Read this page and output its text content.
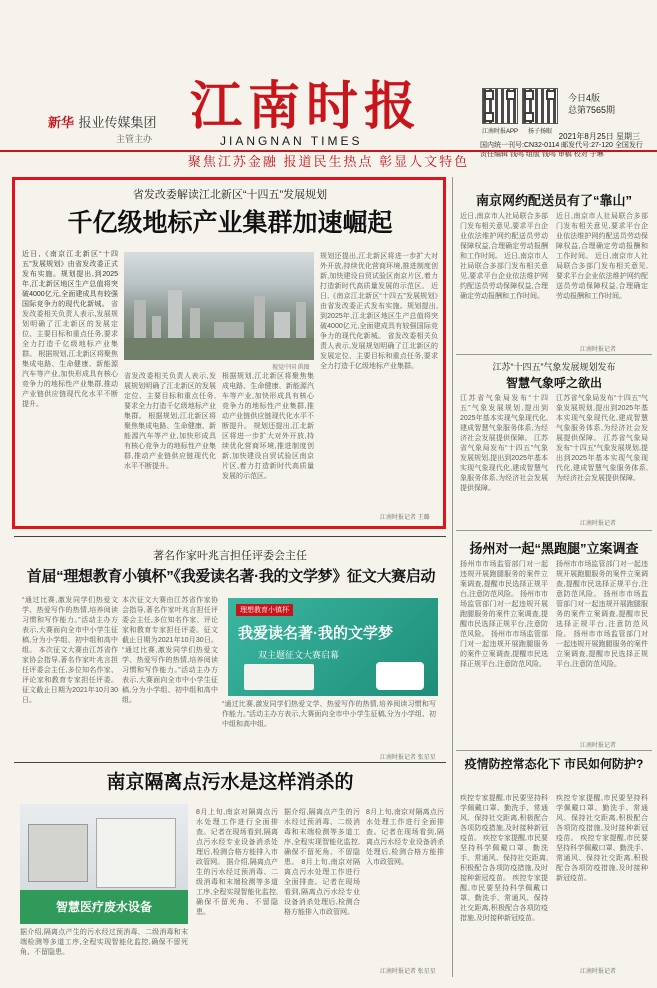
新华 报业传媒集团
主管主办
江南时报
JIANGNAN TIMES
江南时报APP	扬子扬眼
今日4版
总第7565期
2021年8月25日 星期三
国内统一刊号:CN32-0114 邮发代号:27-120 全国发行
责任编辑 钱鸣 组版 钱鸣 审稿 校对 于琳
聚焦江苏金融 报道民生热点 彰显人文特色
省发改委解读江北新区“十四五”发展规划
千亿级地标产业集群加速崛起
近日,《南京江北新区“十四五”发展规划》由省发改委正式发布实施。规划提出,到2025年,江北新区地区生产总值将突破4000亿元,全面建成具有较强国际竞争力的现代化新城。 省发改委相关负责人表示,发展规划明确了江北新区的发展定位、主要目标和重点任务,要求全力打造千亿级地标产业集群。 根据规划,江北新区将聚焦集成电路、生命健康、新能源汽车等产业,加快形成具有核心竞争力的地标性产业集群,推动产业链供应链现代化水平不断提升。
视觉中国 供图
省发改委相关负责人表示,发展规划明确了江北新区的发展定位、主要目标和重点任务,要求全力打造千亿级地标产业集群。 根据规划,江北新区将聚焦集成电路、生命健康、新能源汽车等产业,加快形成具有核心竞争力的地标性产业集群,推动产业链供应链现代化水平不断提升。
根据规划,江北新区将聚焦集成电路、生命健康、新能源汽车等产业,加快形成具有核心竞争力的地标性产业集群,推动产业链供应链现代化水平不断提升。 规划还提出,江北新区将进一步扩大对外开放,持续优化营商环境,推进制度创新,加快建设自贸试验区南京片区,着力打造新时代高质量发展的示范区。
规划还提出,江北新区将进一步扩大对外开放,持续优化营商环境,推进制度创新,加快建设自贸试验区南京片区,着力打造新时代高质量发展的示范区。 近日,《南京江北新区“十四五”发展规划》由省发改委正式发布实施。规划提出,到2025年,江北新区地区生产总值将突破4000亿元,全面建成具有较强国际竞争力的现代化新城。 省发改委相关负责人表示,发展规划明确了江北新区的发展定位、主要目标和重点任务,要求全力打造千亿级地标产业集群。
江南时报记者 王璐
著名作家叶兆言担任评委会主任
首届“理想教育小镇杯”《我爱读名著·我的文学梦》征文大赛启动
“通过比赛,激发同学们热爱文学、热爱写作的热情,培养阅读习惯和写作能力。”活动主办方表示,大赛面向全市中小学生征稿,分为小学组、初中组和高中组。 本次征文大赛由江苏省作家协会指导,著名作家叶兆言担任评委会主任,多位知名作家、评论家和教育专家担任评委。征文截止日期为2021年10月30日。
本次征文大赛由江苏省作家协会指导,著名作家叶兆言担任评委会主任,多位知名作家、评论家和教育专家担任评委。征文截止日期为2021年10月30日。 “通过比赛,激发同学们热爱文学、热爱写作的热情,培养阅读习惯和写作能力。”活动主办方表示,大赛面向全市中小学生征稿,分为小学组、初中组和高中组。
“通过比赛,激发同学们热爱文学、热爱写作的热情,培养阅读习惯和写作能力。”活动主办方表示,大赛面向全市中小学生征稿,分为小学组、初中组和高中组。
理想教育小镇杯
我爱读名著·我的文学梦
双主题征文大赛启幕
江南时报记者 张星星
南京隔离点污水是这样消杀的
智慧医疗废水设备
8月上旬,南京对隔离点污水处理工作进行全面排查。记者在现场看到,隔离点污水经专业设备消杀处理后,检测合格方能排入市政管网。 据介绍,隔离点产生的污水经过预消毒、二级消毒和末端检测等多道工序,全程实现智能化监控,确保不留死角、不留隐患。
据介绍,隔离点产生的污水经过预消毒、二级消毒和末端检测等多道工序,全程实现智能化监控,确保不留死角、不留隐患。 8月上旬,南京对隔离点污水处理工作进行全面排查。记者在现场看到,隔离点污水经专业设备消杀处理后,检测合格方能排入市政管网。
8月上旬,南京对隔离点污水处理工作进行全面排查。记者在现场看到,隔离点污水经专业设备消杀处理后,检测合格方能排入市政管网。
江南时报记者 张星星
据介绍,隔离点产生的污水经过预消毒、二级消毒和末端检测等多道工序,全程实现智能化监控,确保不留死角、不留隐患。
南京网约配送员有了“靠山”
近日,南京市人社局联合多部门发布相关意见,要求平台企业依法维护网约配送员劳动保障权益,合理确定劳动报酬和工作时间。 近日,南京市人社局联合多部门发布相关意见,要求平台企业依法维护网约配送员劳动保障权益,合理确定劳动报酬和工作时间。
近日,南京市人社局联合多部门发布相关意见,要求平台企业依法维护网约配送员劳动保障权益,合理确定劳动报酬和工作时间。 近日,南京市人社局联合多部门发布相关意见,要求平台企业依法维护网约配送员劳动保障权益,合理确定劳动报酬和工作时间。
江南时报记者
江苏“十四五”气象发展规划发布
智慧气象呼之欲出
江苏省气象局发布“十四五”气象发展规划,提出到2025年基本实现气象现代化,建成智慧气象服务体系,为经济社会发展提供保障。 江苏省气象局发布“十四五”气象发展规划,提出到2025年基本实现气象现代化,建成智慧气象服务体系,为经济社会发展提供保障。
江苏省气象局发布“十四五”气象发展规划,提出到2025年基本实现气象现代化,建成智慧气象服务体系,为经济社会发展提供保障。 江苏省气象局发布“十四五”气象发展规划,提出到2025年基本实现气象现代化,建成智慧气象服务体系,为经济社会发展提供保障。
江南时报记者
扬州对一起“黑跑腿”立案调查
扬州市市场监管部门对一起违规开展跑腿服务的案件立案调查,提醒市民选择正规平台,注意防范风险。 扬州市市场监管部门对一起违规开展跑腿服务的案件立案调查,提醒市民选择正规平台,注意防范风险。 扬州市市场监管部门对一起违规开展跑腿服务的案件立案调查,提醒市民选择正规平台,注意防范风险。
扬州市市场监管部门对一起违规开展跑腿服务的案件立案调查,提醒市民选择正规平台,注意防范风险。 扬州市市场监管部门对一起违规开展跑腿服务的案件立案调查,提醒市民选择正规平台,注意防范风险。 扬州市市场监管部门对一起违规开展跑腿服务的案件立案调查,提醒市民选择正规平台,注意防范风险。
江南时报记者
疫情防控常态化下 市民如何防护?
疾控专家提醒,市民要坚持科学佩戴口罩、勤洗手、常通风、保持社交距离,积极配合各项防疫措施,及时接种新冠疫苗。 疾控专家提醒,市民要坚持科学佩戴口罩、勤洗手、常通风、保持社交距离,积极配合各项防疫措施,及时接种新冠疫苗。 疾控专家提醒,市民要坚持科学佩戴口罩、勤洗手、常通风、保持社交距离,积极配合各项防疫措施,及时接种新冠疫苗。
疾控专家提醒,市民要坚持科学佩戴口罩、勤洗手、常通风、保持社交距离,积极配合各项防疫措施,及时接种新冠疫苗。 疾控专家提醒,市民要坚持科学佩戴口罩、勤洗手、常通风、保持社交距离,积极配合各项防疫措施,及时接种新冠疫苗。
江南时报记者
